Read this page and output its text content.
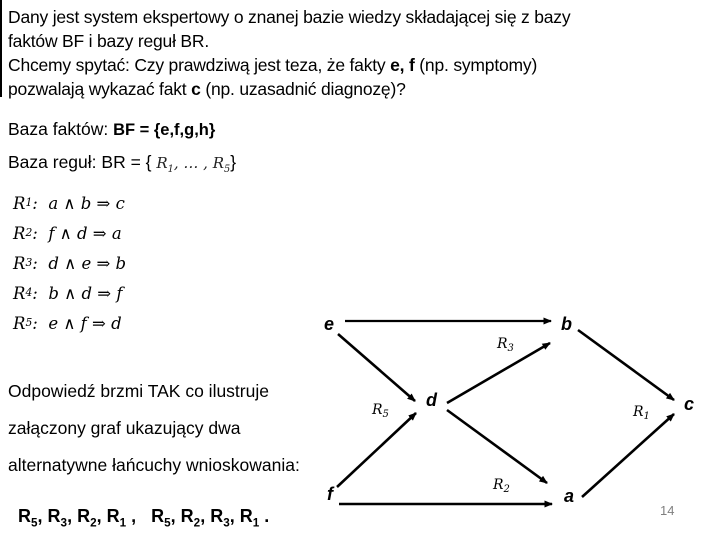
Dany jest system ekspertowy o znanej bazie wiedzy składającej się z bazy
faktów BF i bazy reguł BR.
Chcemy spytać: Czy prawdziwą jest teza, że fakty e, f (np. symptomy)
pozwalają wykazać fakt c (np. uzasadnić diagnozę)?
Baza faktów: BF = {e,f,g,h}
Baza reguł: BR = { $R_1$, … , $R_5$}
R 1 :  a ∧ b ⇒ c
R 2 :  f ∧ d ⇒ a
R 3 :  d ∧ e ⇒ b
R 4 :  b ∧ d ⇒ f
R 5 :  e ∧ f ⇒ d
Odpowiedź brzmi TAK co ilustruje
załączony graf ukazujący dwa
alternatywne łańcuchy wnioskowania:

$R_5$, $R_3$, $R_2$, $R_1$ ,   $R_5$, $R_2$, $R_3$, $R_1$ .

e	b
d
f	a
c
$R_3$
$R_5$	$R_1$
$R_2$
14
